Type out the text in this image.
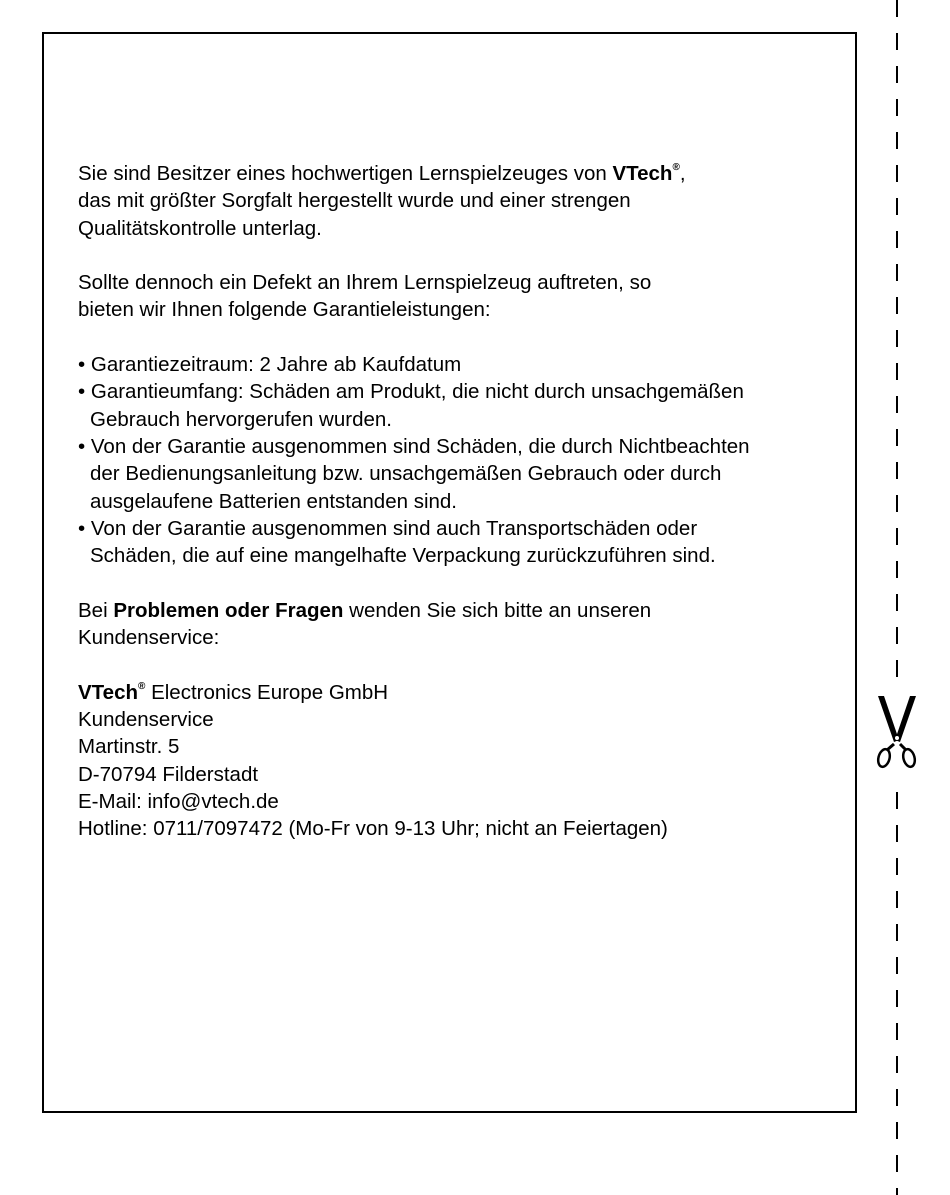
Sie sind Besitzer eines hochwertigen Lernspielzeuges von VTech®,
das mit größter Sorgfalt hergestellt wurde und einer strengen
Qualitätskontrolle unterlag.

Sollte dennoch ein Defekt an Ihrem Lernspielzeug auftreten, so
bieten wir Ihnen folgende Garantieleistungen:

• Garantiezeitraum: 2 Jahre ab Kaufdatum
• Garantieumfang: Schäden am Produkt, die nicht durch unsachgemäßen
Gebrauch hervorgerufen wurden.
• Von der Garantie ausgenommen sind Schäden, die durch Nichtbeachten
der Bedienungsanleitung bzw. unsachgemäßen Gebrauch oder durch
ausgelaufene Batterien entstanden sind.
• Von der Garantie ausgenommen sind auch Transportschäden oder
Schäden, die auf eine mangelhafte Verpackung zurückzuführen sind.

Bei Problemen oder Fragen wenden Sie sich bitte an unseren
Kundenservice:

VTech® Electronics Europe GmbH
Kundenservice
Martinstr. 5
D-70794 Filderstadt
E-Mail: info@vtech.de
Hotline: 0711/7097472 (Mo-Fr von 9-13 Uhr; nicht an Feiertagen)
